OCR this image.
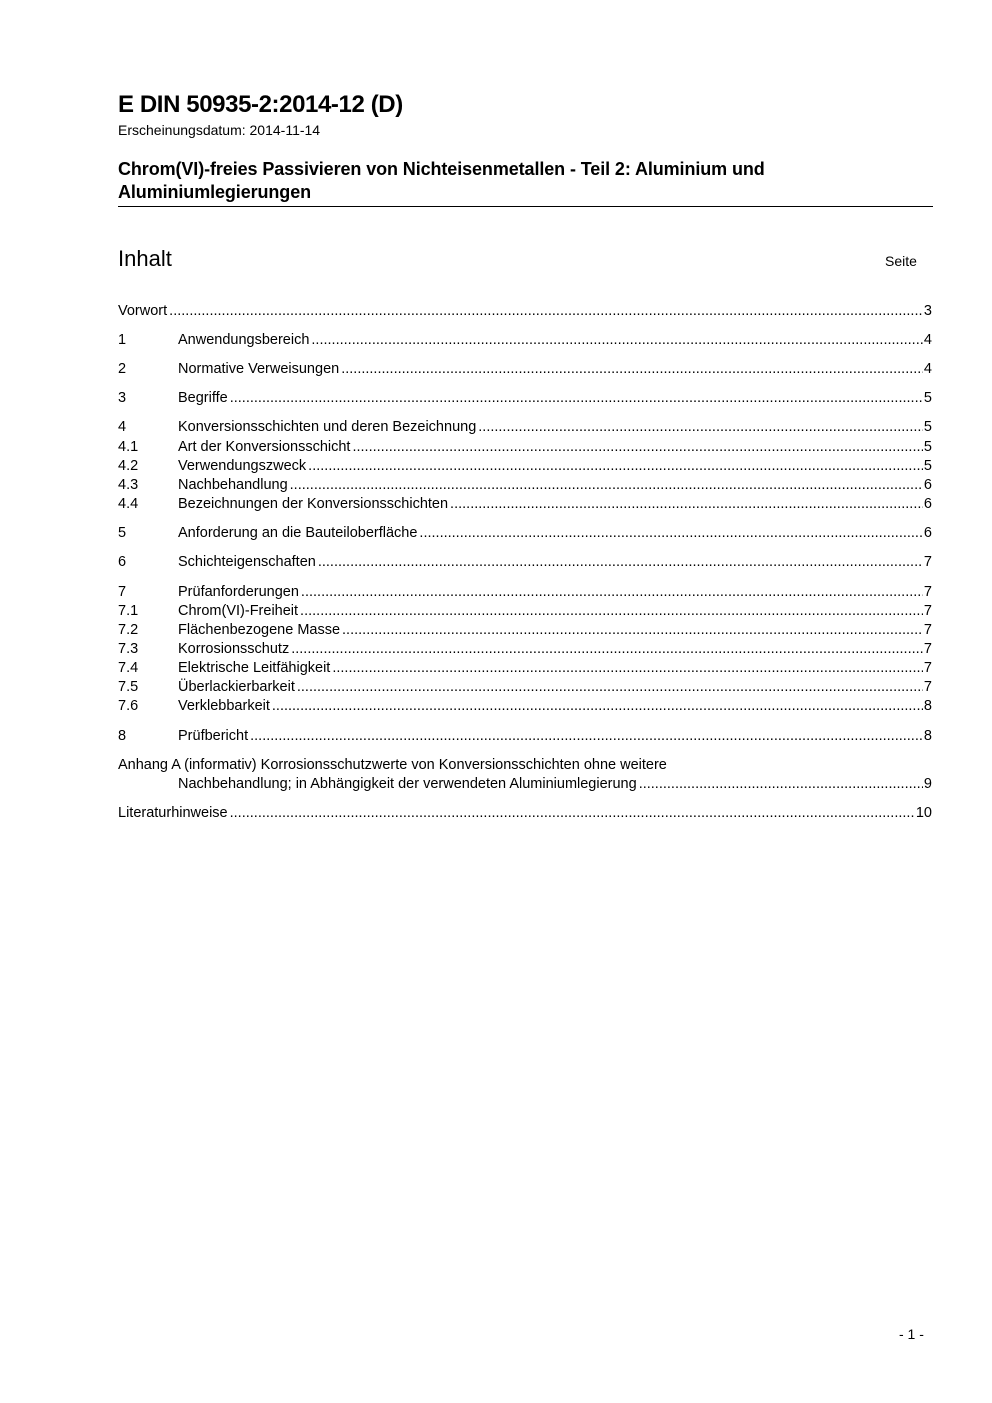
E DIN 50935-2:2014-12 (D)
Erscheinungsdatum: 2014-11-14
Chrom(VI)-freies Passivieren von Nichteisenmetallen - Teil 2: Aluminium und
Aluminiumlegierungen
Inhalt	Seite
Vorwort .....	3
1	Anwendungsbereich .....	4
2	Normative Verweisungen .....	4
3	Begriffe .....	5
4	Konversionsschichten und deren Bezeichnung .....	5
4.1	Art der Konversionsschicht .....	5
4.2	Verwendungszweck .....	5
4.3	Nachbehandlung .....	6
4.4	Bezeichnungen der Konversionsschichten .....	6
5	Anforderung an die Bauteiloberfläche .....	6
6	Schichteigenschaften .....	7
7	Prüfanforderungen .....	7
7.1	Chrom(VI)-Freiheit .....	7
7.2	Flächenbezogene Masse .....	7
7.3	Korrosionsschutz .....	7
7.4	Elektrische Leitfähigkeit .....	7
7.5	Überlackierbarkeit .....	7
7.6	Verklebbarkeit .....	8
8	Prüfbericht .....	8
Anhang A (informativ) Korrosionsschutzwerte von Konversionsschichten ohne weitere
Nachbehandlung; in Abhängigkeit der verwendeten Aluminiumlegierung .....	9
Literaturhinweise .....	10
- 1 -
